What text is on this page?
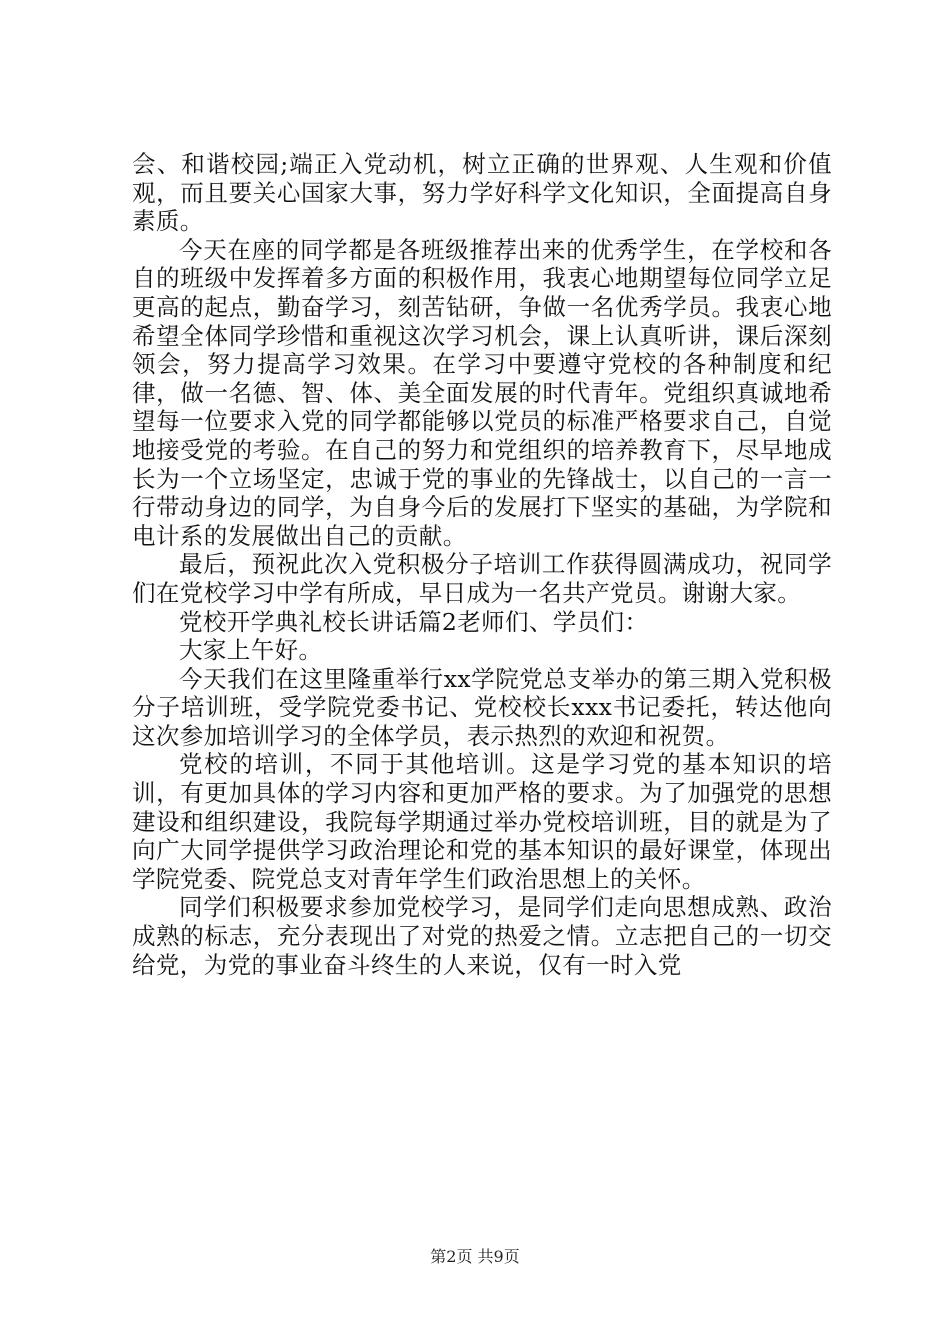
会、和谐校园;端正入党动机，树立正确的世界观、人生观和价值观，而且要关心国家大事，努力学好科学文化知识，全面提高自身素质。

今天在座的同学都是各班级推荐出来的优秀学生，在学校和各自的班级中发挥着多方面的积极作用，我衷心地期望每位同学立足更高的起点，勤奋学习，刻苦钻研，争做一名优秀学员。我衷心地希望全体同学珍惜和重视这次学习机会，课上认真听讲，课后深刻领会，努力提高学习效果。在学习中要遵守党校的各种制度和纪律，做一名德、智、体、美全面发展的时代青年。党组织真诚地希望每一位要求入党的同学都能够以党员的标准严格要求自己，自觉地接受党的考验。在自己的努力和党组织的培养教育下，尽早地成长为一个立场坚定，忠诚于党的事业的先锋战士，以自己的一言一行带动身边的同学，为自身今后的发展打下坚实的基础，为学院和电计系的发展做出自己的贡献。

最后，预祝此次入党积极分子培训工作获得圆满成功，祝同学们在党校学习中学有所成，早日成为一名共产党员。谢谢大家。

党校开学典礼校长讲话篇2老师们、学员们：

大家上午好。

今天我们在这里隆重举行xx学院党总支举办的第三期入党积极分子培训班，受学院党委书记、党校校长xxx书记委托，转达他向这次参加培训学习的全体学员，表示热烈的欢迎和祝贺。

党校的培训，不同于其他培训。这是学习党的基本知识的培训，有更加具体的学习内容和更加严格的要求。为了加强党的思想建设和组织建设，我院每学期通过举办党校培训班，目的就是为了向广大同学提供学习政治理论和党的基本知识的最好课堂，体现出学院党委、院党总支对青年学生们政治思想上的关怀。

同学们积极要求参加党校学习，是同学们走向思想成熟、政治成熟的标志，充分表现出了对党的热爱之情。立志把自己的一切交给党，为党的事业奋斗终生的人来说，仅有一时入党

第2页 共9页
